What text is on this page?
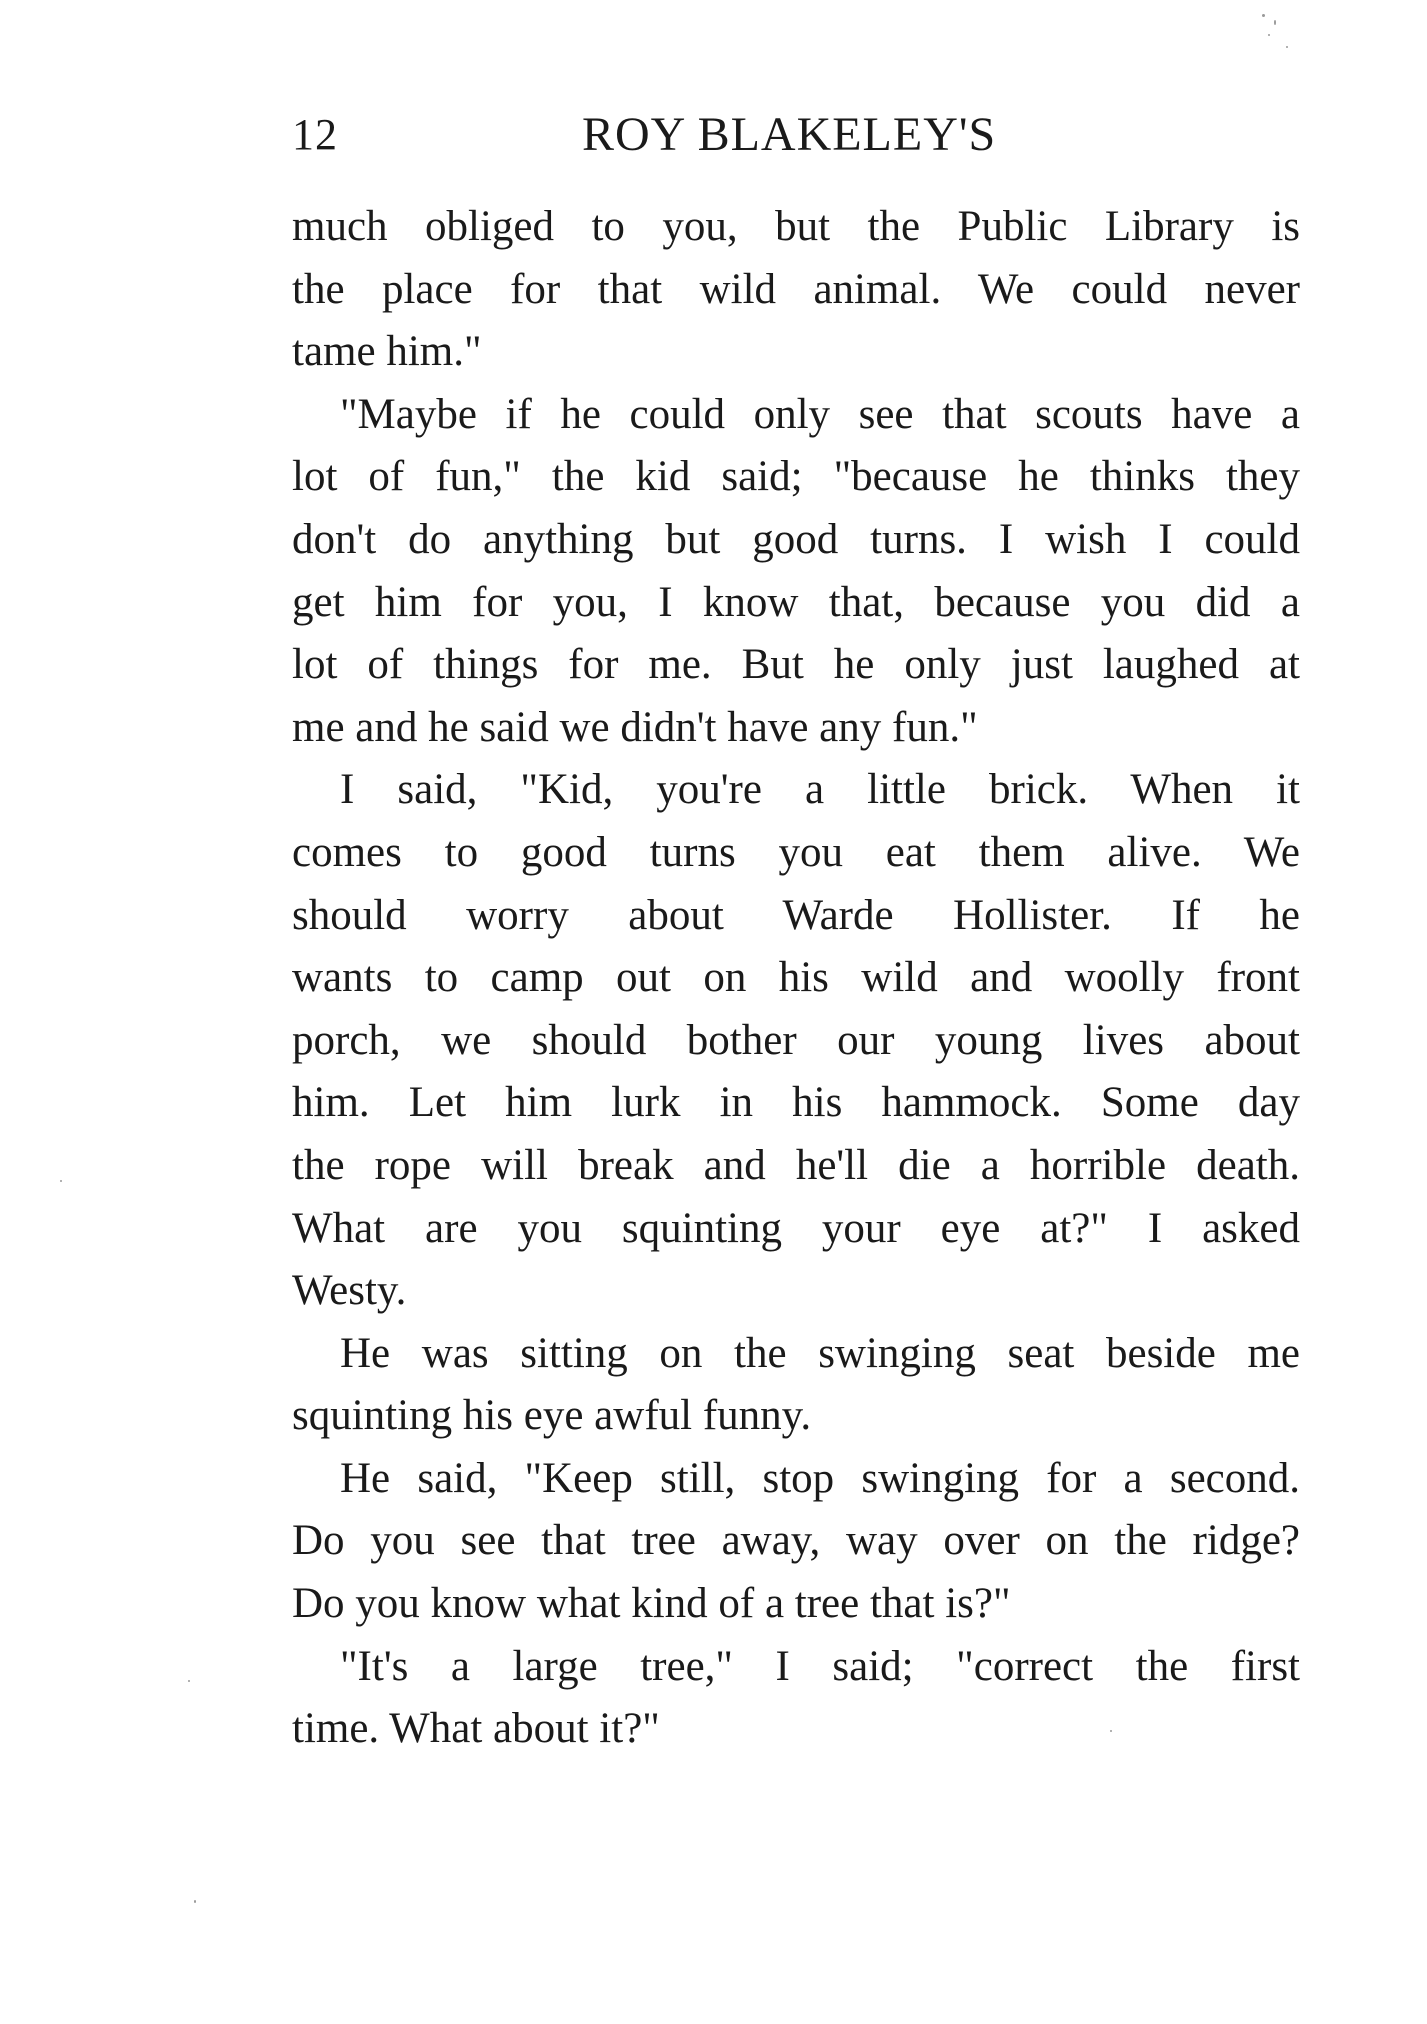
12	ROY BLAKELEY'S

much obliged to you, but the Public Library is
the place for that wild animal. We could never
tame him."

"Maybe if he could only see that scouts have a
lot of fun," the kid said; "because he thinks they
don't do anything but good turns. I wish I could
get him for you, I know that, because you did a
lot of things for me. But he only just laughed at
me and he said we didn't have any fun."

I said, "Kid, you're a little brick. When it
comes to good turns you eat them alive. We
should worry about Warde Hollister. If he
wants to camp out on his wild and woolly front
porch, we should bother our young lives about
him. Let him lurk in his hammock. Some day
the rope will break and he'll die a horrible death.
What are you squinting your eye at?" I asked
Westy.

He was sitting on the swinging seat beside me
squinting his eye awful funny.

He said, "Keep still, stop swinging for a second.
Do you see that tree away, way over on the ridge?
Do you know what kind of a tree that is?"

"It's a large tree," I said; "correct the first
time. What about it?"
